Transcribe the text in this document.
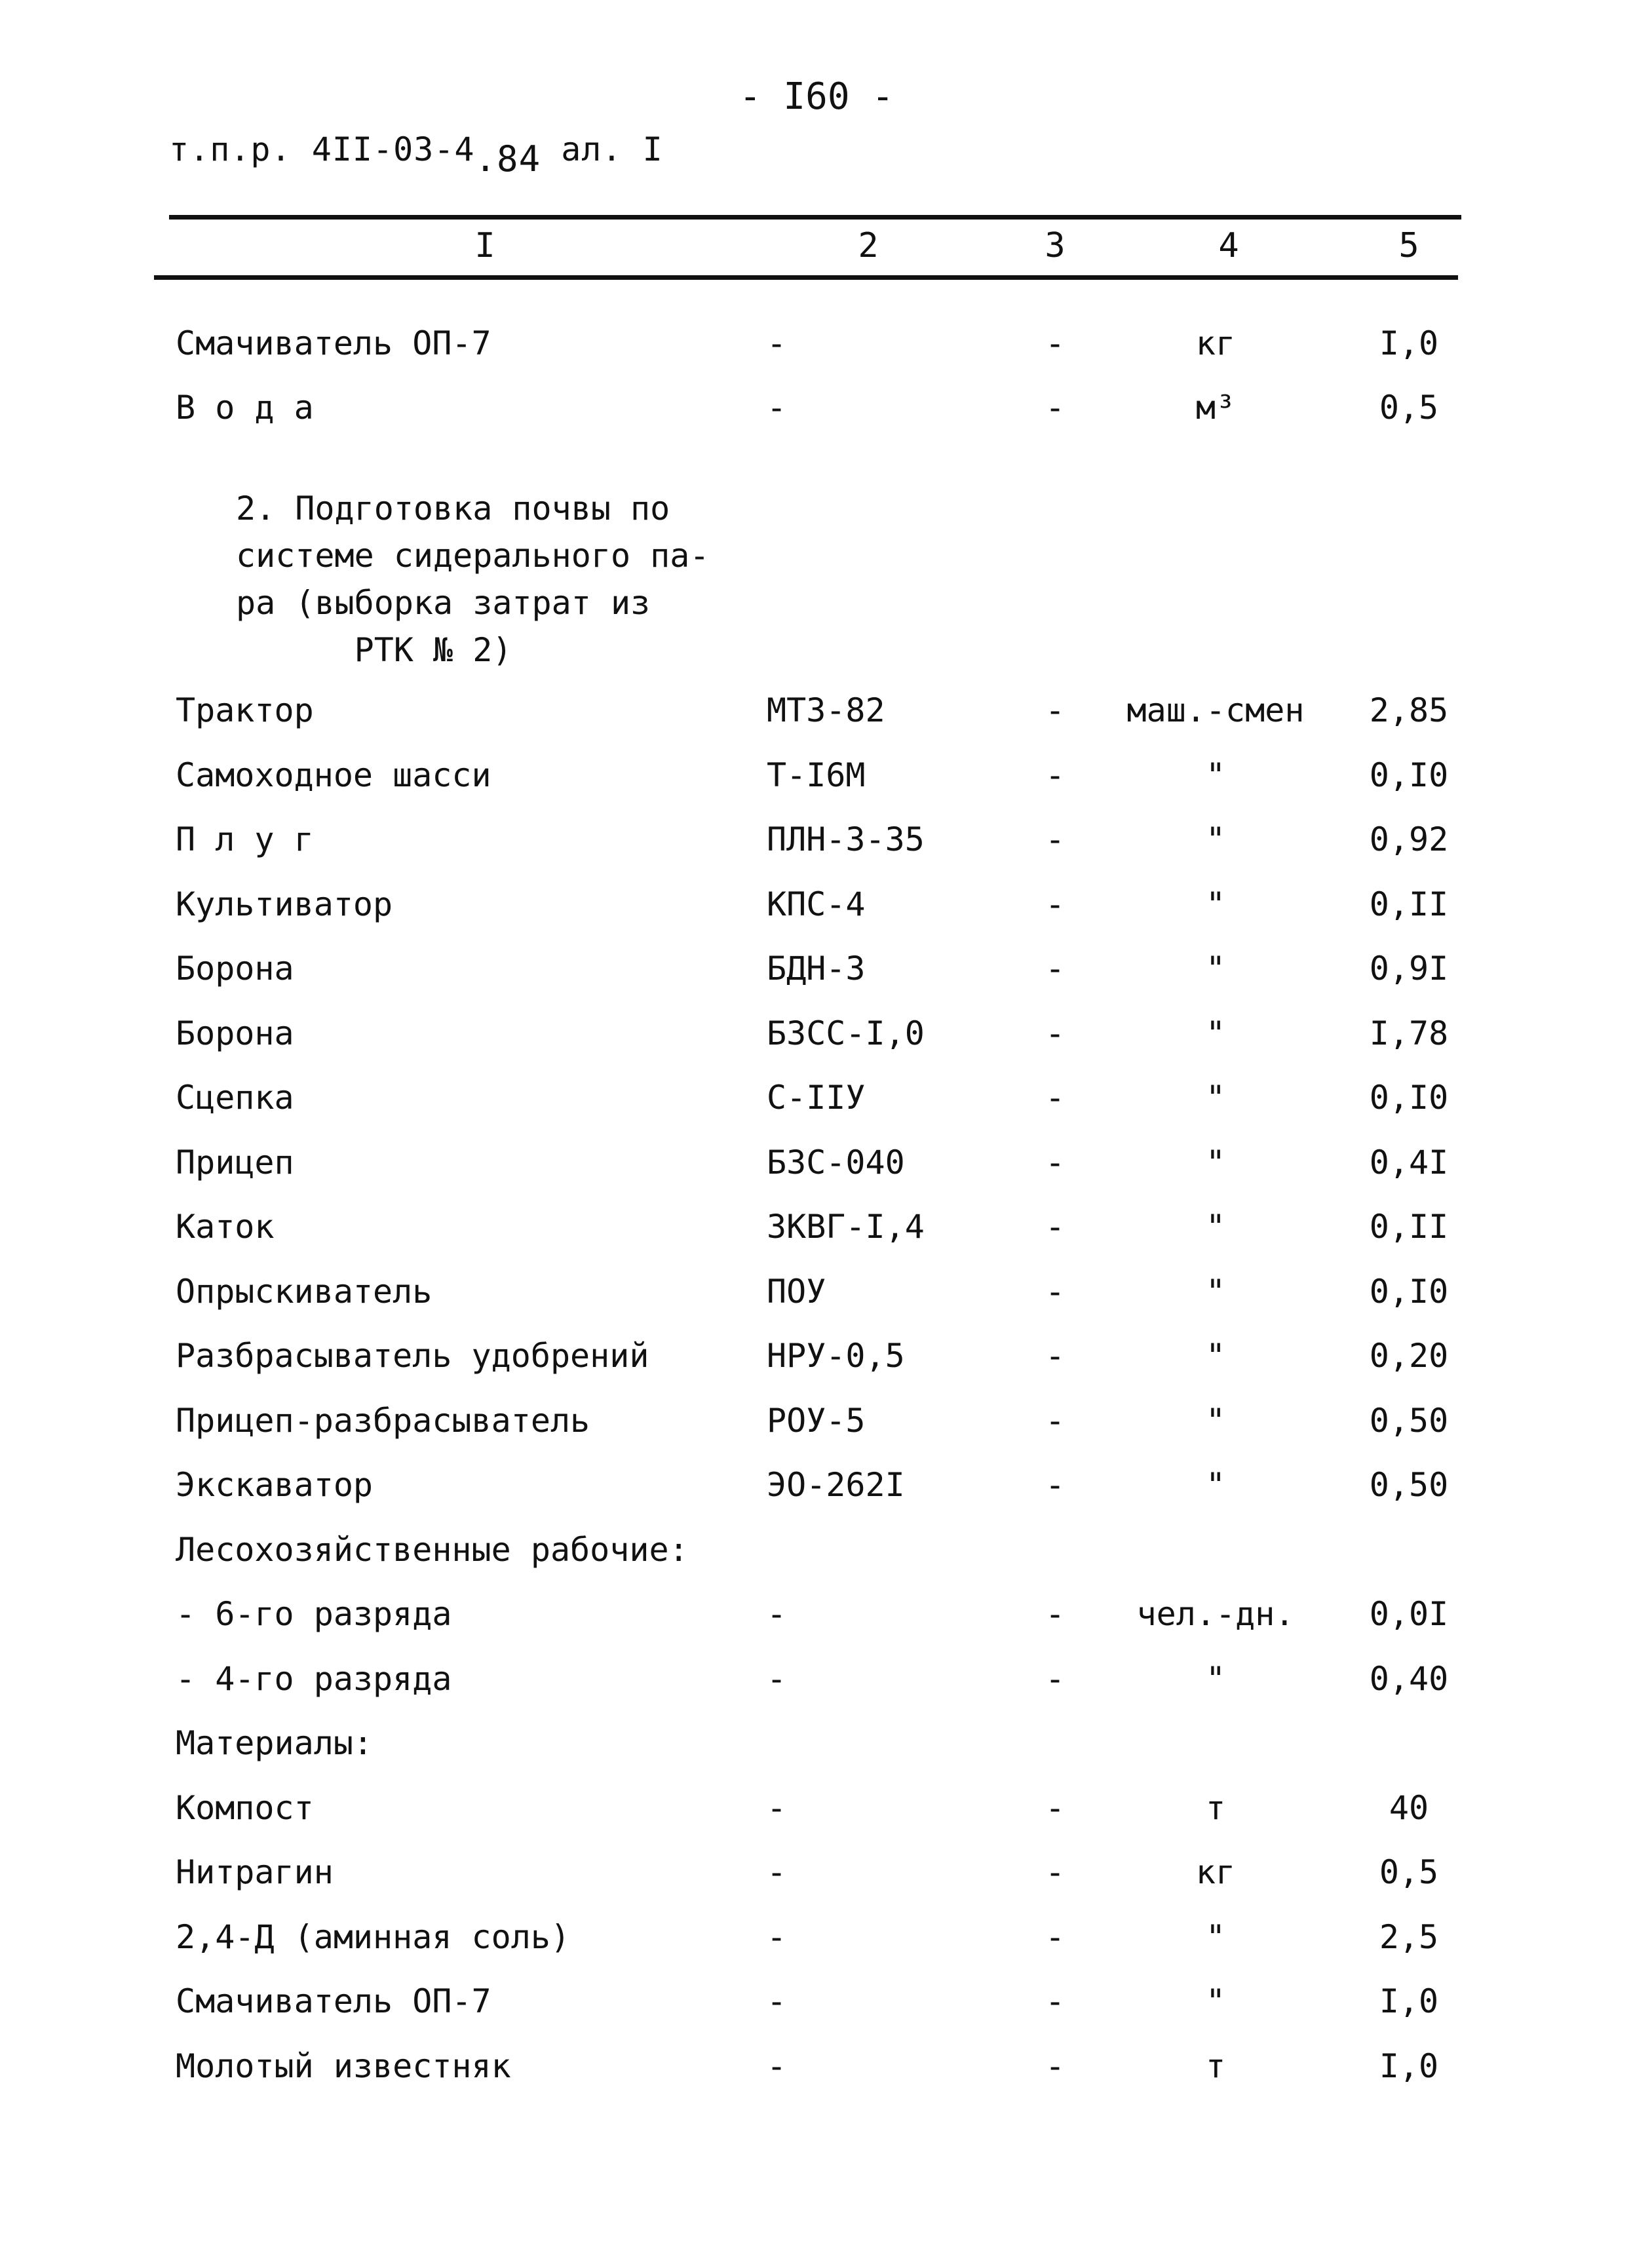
- I60 -
т.п.р. 4II-03-4.84 ал. I
I	2	3	4	5
Смачиватель ОП-7	-	-	кг	I,0
В о д а	-	-	м³	0,5
2. Подготовка почвы по
системе сидерального па-
ра (выборка затрат из
РТК № 2)
Трактор	МТЗ-82	-	маш.-смен	2,85
Самоходное шасси	Т-I6М	-	"	0,I0
П л у г	ПЛН-3-35	-	"	0,92
Культиватор	КПС-4	-	"	0,II
Борона	БДН-3	-	"	0,9I
Борона	БЗСС-I,0	-	"	I,78
Сцепка	С-IIУ	-	"	0,I0
Прицеп	БЗС-040	-	"	0,4I
Каток	ЗКВГ-I,4	-	"	0,II
Опрыскиватель	ПОУ	-	"	0,I0
Разбрасыватель удобрений	НРУ-0,5	-	"	0,20
Прицеп-разбрасыватель	РОУ-5	-	"	0,50
Экскаватор	ЭО-262I	-	"	0,50
Лесохозяйственные рабочие:
- 6-го разряда	-	-	чел.-дн.	0,0I
- 4-го разряда	-	-	"	0,40
Материалы:
Компост	-	-	т	40
Нитрагин	-	-	кг	0,5
2,4-Д (аминная соль)	-	-	"	2,5
Смачиватель ОП-7	-	-	"	I,0
Молотый известняк	-	-	т	I,0
